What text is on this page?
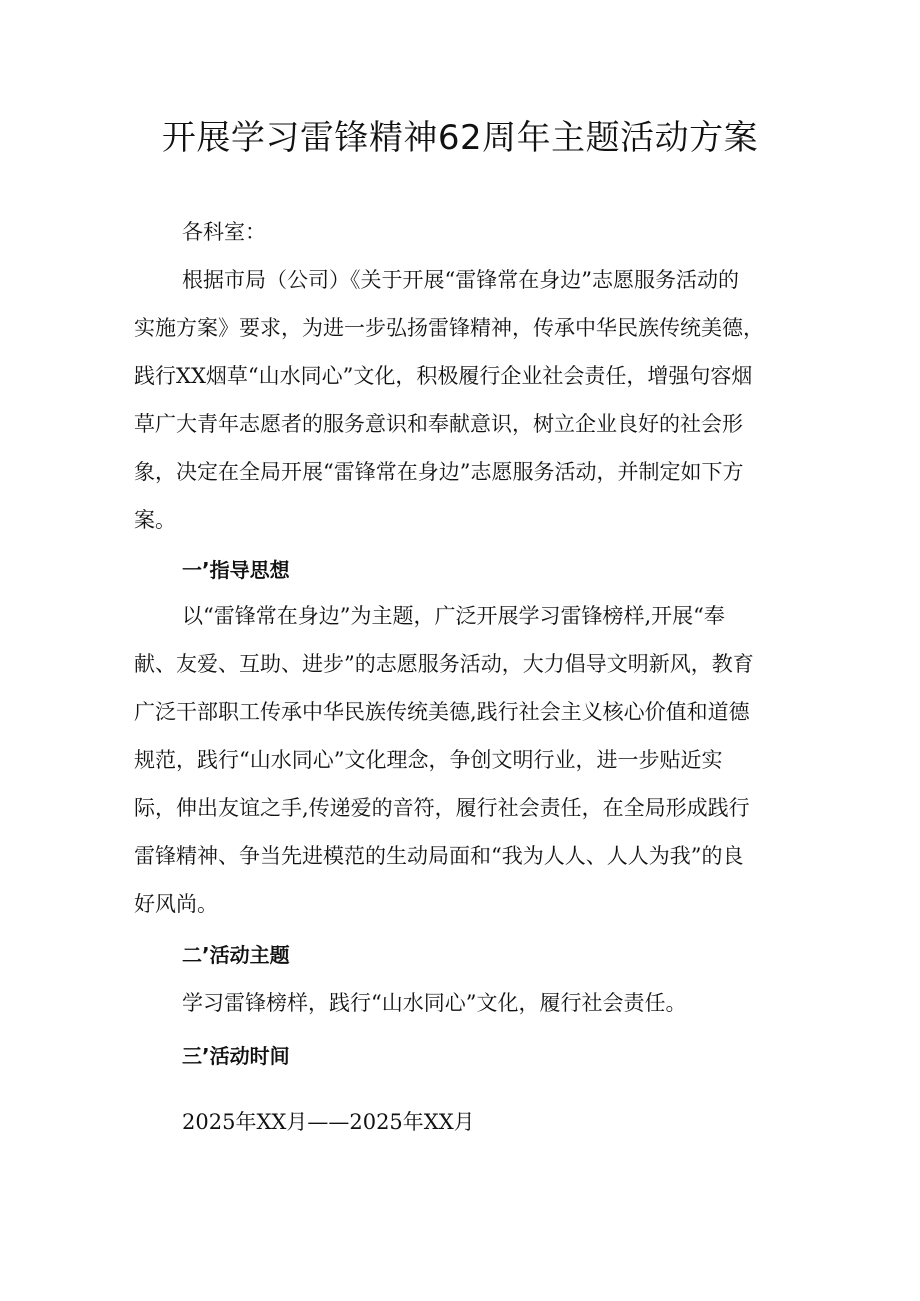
开展学习雷锋精神62周年主题活动方案
各科室：
根据市局（公司）《关于开展“雷锋常在身边”志愿服务活动的
实施方案》要求，为进一步弘扬雷锋精神，传承中华民族传统美德，
践行XX烟草“山水同心”文化，积极履行企业社会责任，增强句容烟
草广大青年志愿者的服务意识和奉献意识，树立企业良好的社会形
象，决定在全局开展“雷锋常在身边”志愿服务活动，并制定如下方
案。
一’指导思想
以“雷锋常在身边”为主题，广泛开展学习雷锋榜样,开展“奉
献、友爱、互助、进步”的志愿服务活动，大力倡导文明新风，教育
广泛干部职工传承中华民族传统美德,践行社会主义核心价值和道德
规范，践行“山水同心”文化理念，争创文明行业，进一步贴近实
际，伸出友谊之手,传递爱的音符，履行社会责任，在全局形成践行
雷锋精神、争当先进模范的生动局面和“我为人人、人人为我”的良
好风尚。
二’活动主题
学习雷锋榜样，践行“山水同心”文化，履行社会责任。
三’活动时间
2025年XX月——2025年XX月
